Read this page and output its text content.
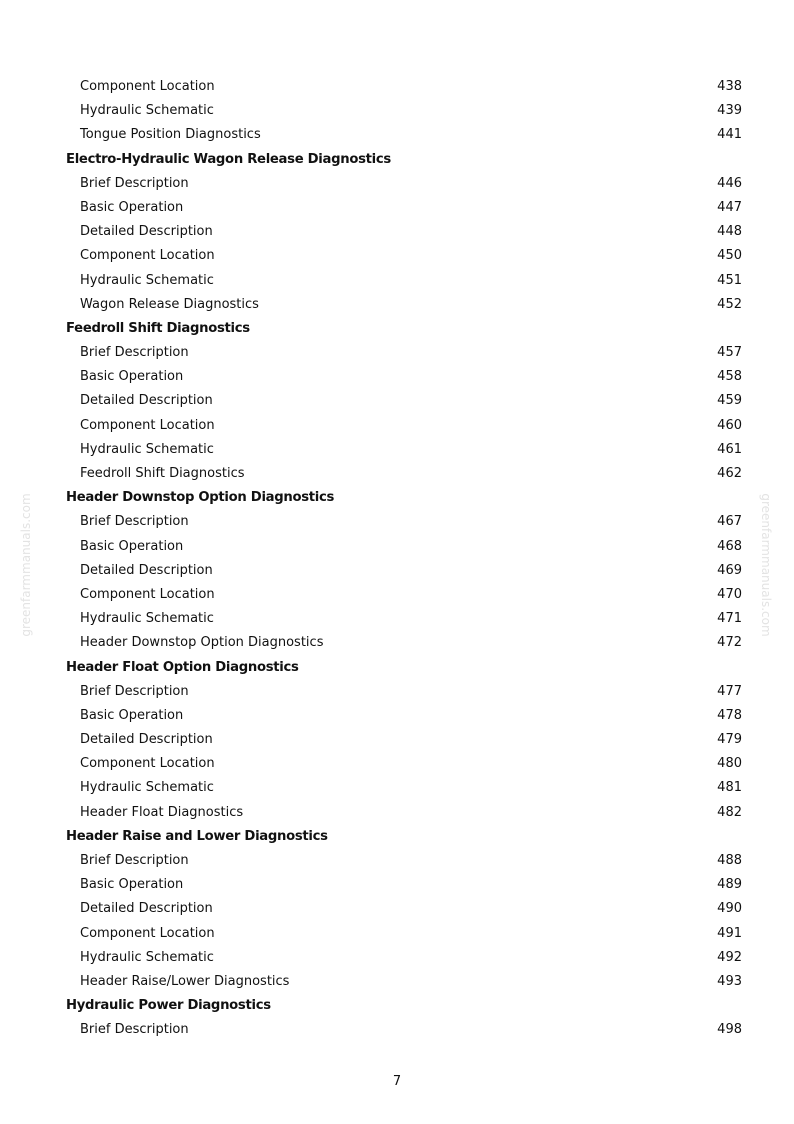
greenfarmmanuals.com	greenfarmmanuals.com
Component Location	438
Hydraulic Schematic	439
Tongue Position Diagnostics	441
Electro-Hydraulic Wagon Release Diagnostics
Brief Description	446
Basic Operation	447
Detailed Description	448
Component Location	450
Hydraulic Schematic	451
Wagon Release Diagnostics	452
Feedroll Shift Diagnostics
Brief Description	457
Basic Operation	458
Detailed Description	459
Component Location	460
Hydraulic Schematic	461
Feedroll Shift Diagnostics	462
Header Downstop Option Diagnostics
Brief Description	467
Basic Operation	468
Detailed Description	469
Component Location	470
Hydraulic Schematic	471
Header Downstop Option Diagnostics	472
Header Float Option Diagnostics
Brief Description	477
Basic Operation	478
Detailed Description	479
Component Location	480
Hydraulic Schematic	481
Header Float Diagnostics	482
Header Raise and Lower Diagnostics
Brief Description	488
Basic Operation	489
Detailed Description	490
Component Location	491
Hydraulic Schematic	492
Header Raise/Lower Diagnostics	493
Hydraulic Power Diagnostics
Brief Description	498
7
